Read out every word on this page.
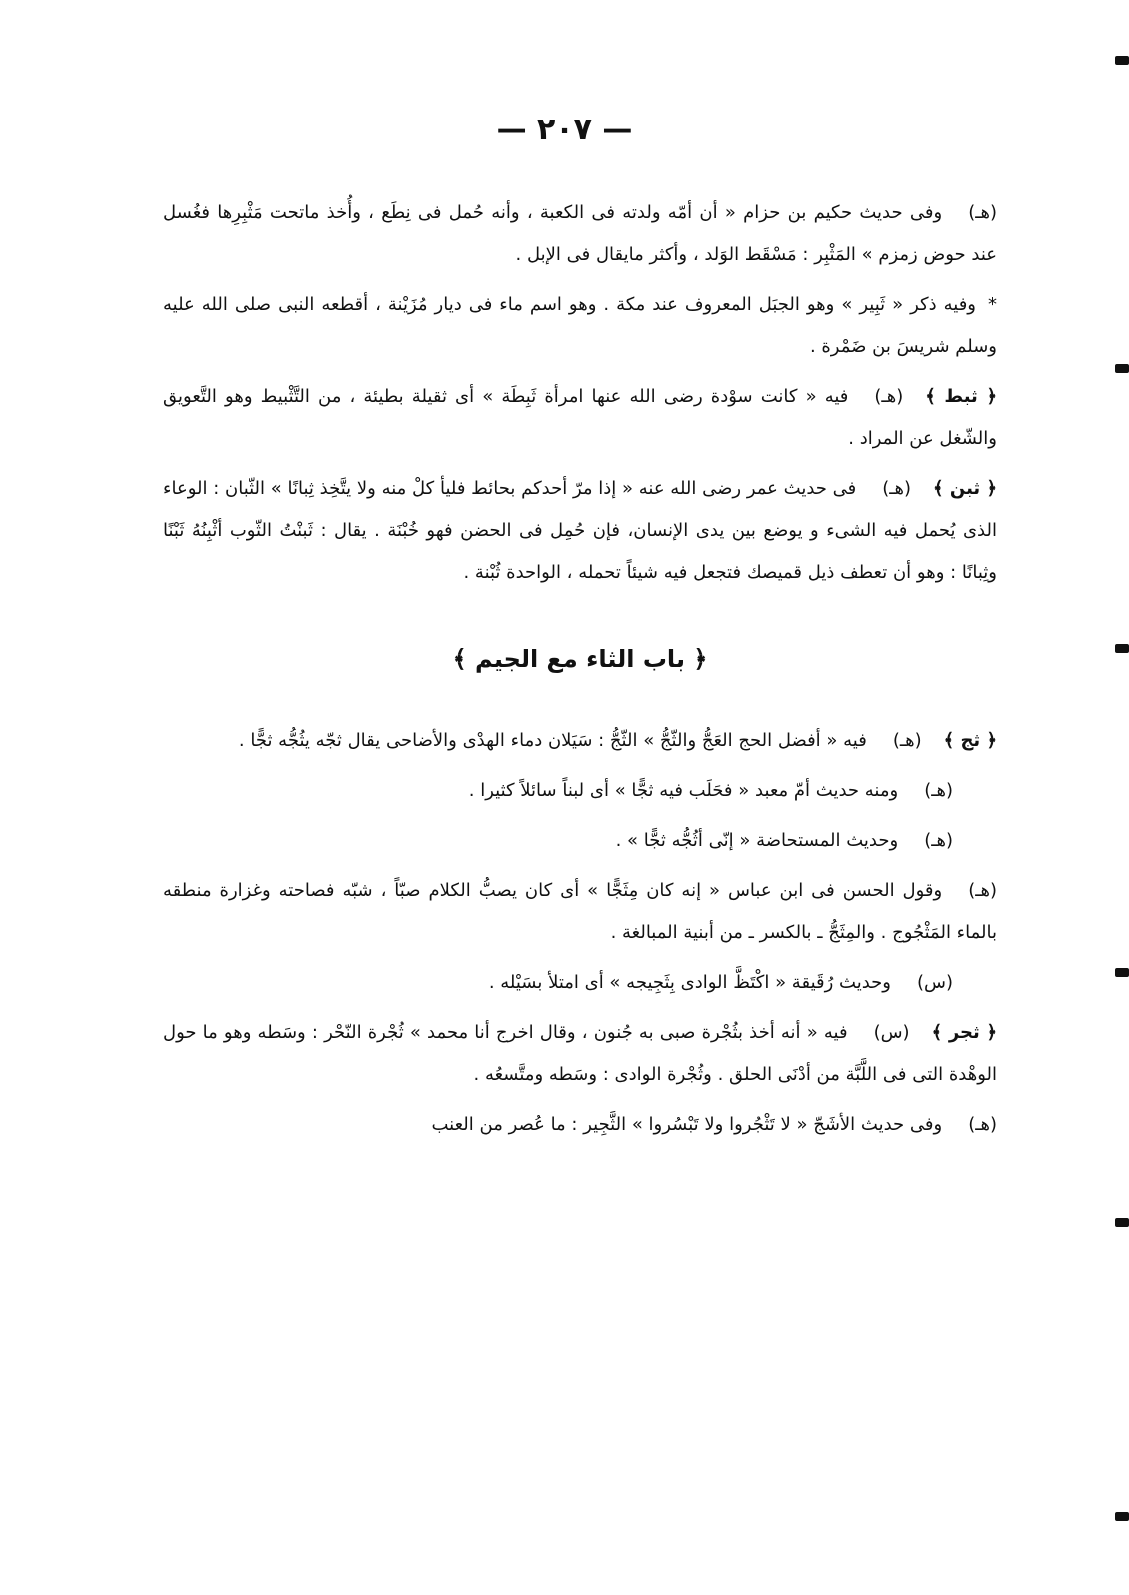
— ٢٠٧ —

(هـ)وفى حديث حكيم بن حزام « أن أمّه ولدته فى الكعبة ، وأنه حُمل فى نِطَع ، وأُخذ ماتحت مَثْبِرِها فغُسل عند حوض زمزم » المَثْبِر : مَسْقَط الوَلد ، وأكثر مايقال فى الإبل .

*وفيه ذكر « ثَبِير » وهو الجبَل المعروف عند مكة . وهو اسم ماء فى ديار مُزَيْنة ، أقطعه النبى صلى الله عليه وسلم شريسَ بن ضَمْرة .

﴿ ثبط ﴾(هـ)فيه « كانت سوْدة رضى الله عنها امرأة ثَبِطَة » أى ثقيلة بطيئة ، من التَّثْبيط وهو التَّعويق والشّغل عن المراد .

﴿ ثبن ﴾(هـ)فى حديث عمر رضى الله عنه « إذا مرّ أحدكم بحائط فليأ كلْ منه ولا يتَّخِذ ثِبانًا » الثّبان : الوعاء الذى يُحمل فيه الشىء و يوضع بين يدى الإنسان، فإن حُمِل فى الحضن فهو خُبْنَة . يقال : ثَبنْتُ الثّوب أثْبِنُهُ ثَبْنًا وثِبانًا : وهو أن تعطف ذيل قميصك فتجعل فيه شيئاً تحمله ، الواحدة ثُبْنة .

﴿ باب الثاء مع الجيم ﴾

﴿ ثج ﴾(هـ)فيه « أفضل الحج العَجُّ والثّجُّ » الثّجُّ : سَيَلان دماء الهدْى والأضاحى يقال ثجّه يثُجُّه ثجًّا .

(هـ)ومنه حديث أمّ معبد « فحَلَب فيه ثجًّا » أى لبناً سائلاً كثيرا .

(هـ)وحديث المستحاضة « إنّى أثُجُّه ثجًّا » .

(هـ)وقول الحسن فى ابن عباس « إنه كان مِثَجًّا » أى كان يصبُّ الكلام صبّاً ، شبّه فصاحته وغزارة منطقه بالماء المَثْجُوج . والمِثَجُّ ـ بالكسر ـ من أبنية المبالغة .

(س)وحديث رُقَيقة « اكْتَظَّ الوادى بِثَجِيجه » أى امتلأ بسَيْله .

﴿ ثجر ﴾(س)فيه « أنه أخذ بثُجْرة صبى به جُنون ، وقال اخرج أنا محمد » ثُجْرة النّحْر : وسَطه وهو ما حول الوهْدة التى فى اللَّبَّة من أدْنَى الحلق . وثُجْرة الوادى : وسَطه ومتَّسعُه .

(هـ)وفى حديث الأشَجّ « لا تَثْجُروا ولا تَبْسُروا » الثَّجِير : ما عُصر من العنب
